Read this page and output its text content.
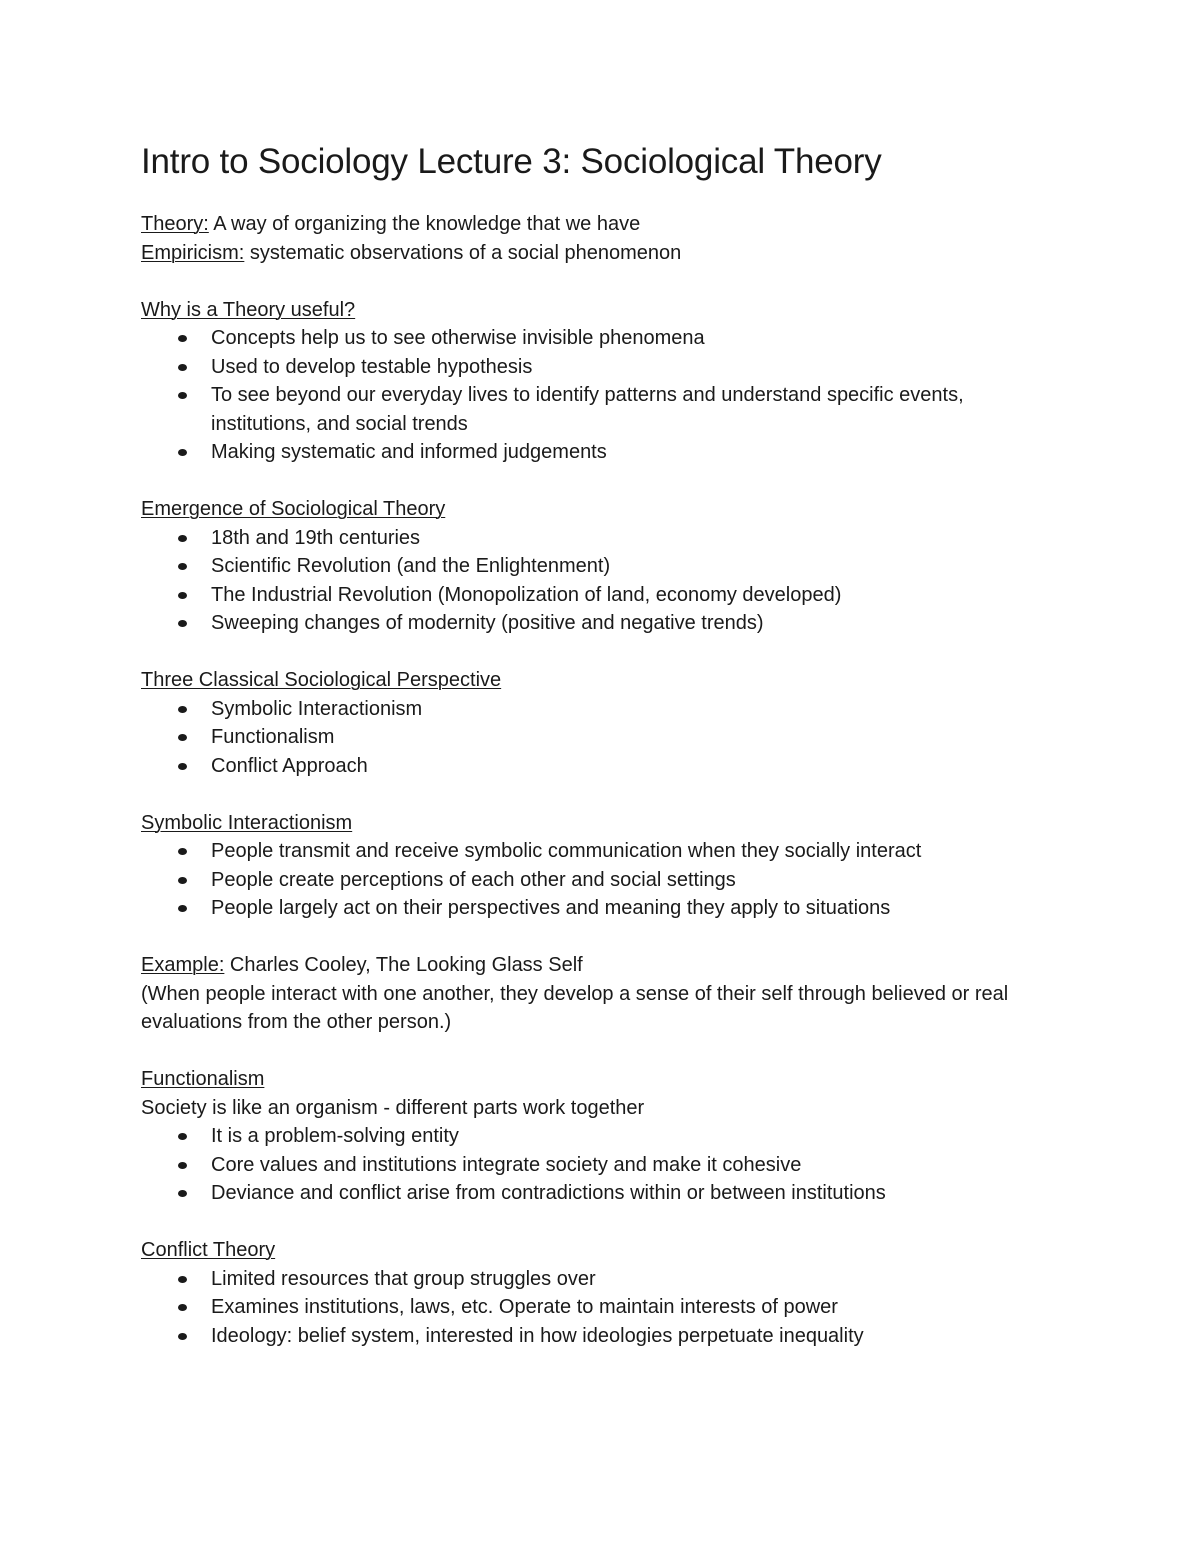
Intro to Sociology Lecture 3: Sociological Theory

Theory: A way of organizing the knowledge that we have

Empiricism: systematic observations of a social phenomenon

Why is a Theory useful?

Concepts help us to see otherwise invisible phenomena
Used to develop testable hypothesis
To see beyond our everyday lives to identify patterns and understand specific events, institutions, and social trends
Making systematic and informed judgements

Emergence of Sociological Theory

18th and 19th centuries
Scientific Revolution (and the Enlightenment)
The Industrial Revolution (Monopolization of land, economy developed)
Sweeping changes of modernity (positive and negative trends)

Three Classical Sociological Perspective

Symbolic Interactionism
Functionalism
Conflict Approach

Symbolic Interactionism

People transmit and receive symbolic communication when they socially interact
People create perceptions of each other and social settings
People largely act on their perspectives and meaning they apply to situations

Example: Charles Cooley, The Looking Glass Self

(When people interact with one another, they develop a sense of their self through believed or real evaluations from the other person.)

Functionalism

Society is like an organism - different parts work together

It is a problem-solving entity
Core values and institutions integrate society and make it cohesive
Deviance and conflict arise from contradictions within or between institutions

Conflict Theory

Limited resources that group struggles over
Examines institutions, laws, etc. Operate to maintain interests of power
Ideology: belief system, interested in how ideologies perpetuate inequality
